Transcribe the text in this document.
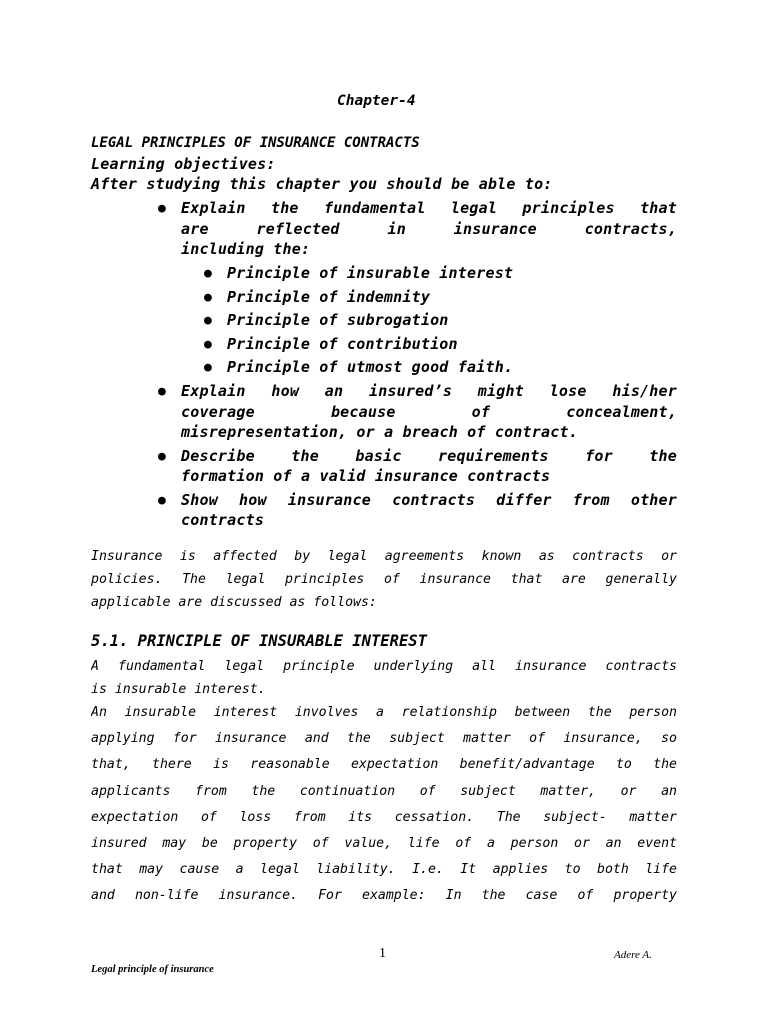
Chapter-4
LEGAL PRINCIPLES OF INSURANCE CONTRACTS
Learning objectives:
After studying this chapter you should be able to:
● Explain the fundamental legal principles that
are reflected in insurance contracts,
including the:
● Principle of insurable interest
● Principle of indemnity
● Principle of subrogation
● Principle of contribution
● Principle of utmost good faith.
● Explain how an insured’s might lose his/her
coverage because of concealment,
misrepresentation, or a breach of contract.
● Describe the basic requirements for the
formation of a valid insurance contracts
● Show how insurance contracts differ from other
contracts
Insurance is affected by legal agreements known as contracts or
policies. The legal principles of insurance that are generally
applicable are discussed as follows:
5.1. PRINCIPLE OF INSURABLE INTEREST
A fundamental legal principle underlying all insurance contracts
is insurable interest.
An insurable interest involves a relationship between the person
applying for insurance and the subject matter of insurance, so
that, there is reasonable expectation benefit/advantage to the
applicants from the continuation of subject matter, or an
expectation of loss from its cessation. The subject- matter
insured may be property of value, life of a person or an event
that may cause a legal liability. I.e. It applies to both life
and non-life insurance. For example: In the case of property
1	Adere A.
Legal principle of insurance
